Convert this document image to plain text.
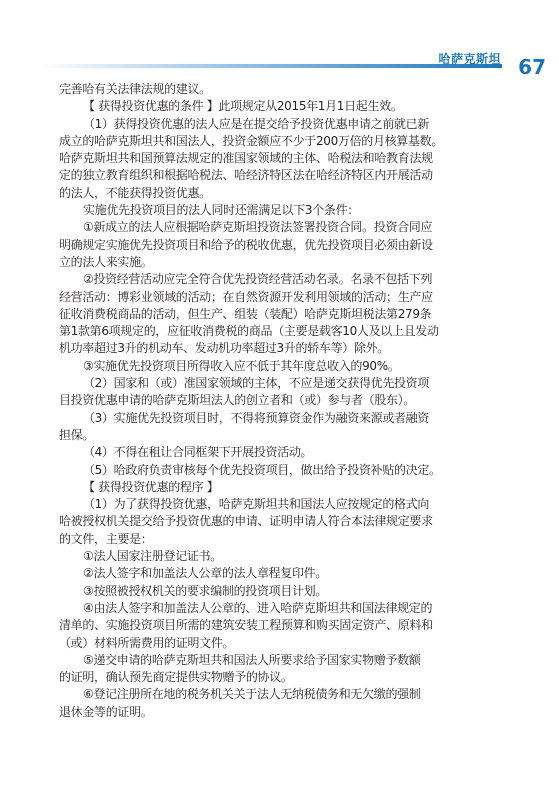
哈萨克斯坦 67
完善哈有关法律法规的建议。
【 获得投资优惠的条件 】此项规定从2015年1月1日起生效。
（1）获得投资优惠的法人应是在提交给予投资优惠申请之前就已新
成立的哈萨克斯坦共和国法人，投资金额应不少于200万倍的月核算基数。
哈萨克斯坦共和国预算法规定的准国家领域的主体、哈税法和哈教育法规
定的独立教育组织和根据哈税法、哈经济特区法在哈经济特区内开展活动
的法人，不能获得投资优惠。
实施优先投资项目的法人同时还需满足以下3个条件：
①新成立的法人应根据哈萨克斯坦投资法签署投资合同。投资合同应
明确规定实施优先投资项目和给予的税收优惠，优先投资项目必须由新设
立的法人来实施。
②投资经营活动应完全符合优先投资经营活动名录。名录不包括下列
经营活动：博彩业领域的活动；在自然资源开发利用领域的活动；生产应
征收消费税商品的活动，但生产、组装（装配）哈萨克斯坦税法第279条
第1款第6项规定的，应征收消费税的商品（主要是载客10人及以上且发动
机功率超过3升的机动车、发动机功率超过3升的轿车等）除外。
③实施优先投资项目所得收入应不低于其年度总收入的90%。
（2）国家和（或）准国家领域的主体，不应是递交获得优先投资项
目投资优惠申请的哈萨克斯坦法人的创立者和（或）参与者（股东）。
（3）实施优先投资项目时，不得将预算资金作为融资来源或者融资
担保。
（4）不得在租让合同框架下开展投资活动。
（5）哈政府负责审核每个优先投资项目，做出给予投资补贴的决定。
【 获得投资优惠的程序 】
（1）为了获得投资优惠，哈萨克斯坦共和国法人应按规定的格式向
哈被授权机关提交给予投资优惠的申请、证明申请人符合本法律规定要求
的文件，主要是：
①法人国家注册登记证书。
②法人签字和加盖法人公章的法人章程复印件。
③按照被授权机关的要求编制的投资项目计划。
④由法人签字和加盖法人公章的、进入哈萨克斯坦共和国法律规定的
清单的、实施投资项目所需的建筑安装工程预算和购买固定资产、原料和
（或）材料所需费用的证明文件。
⑤递交申请的哈萨克斯坦共和国法人所要求给予国家实物赠予数额
的证明，确认预先商定提供实物赠予的协议。
⑥登记注册所在地的税务机关关于法人无纳税债务和无欠缴的强制
退休金等的证明。
